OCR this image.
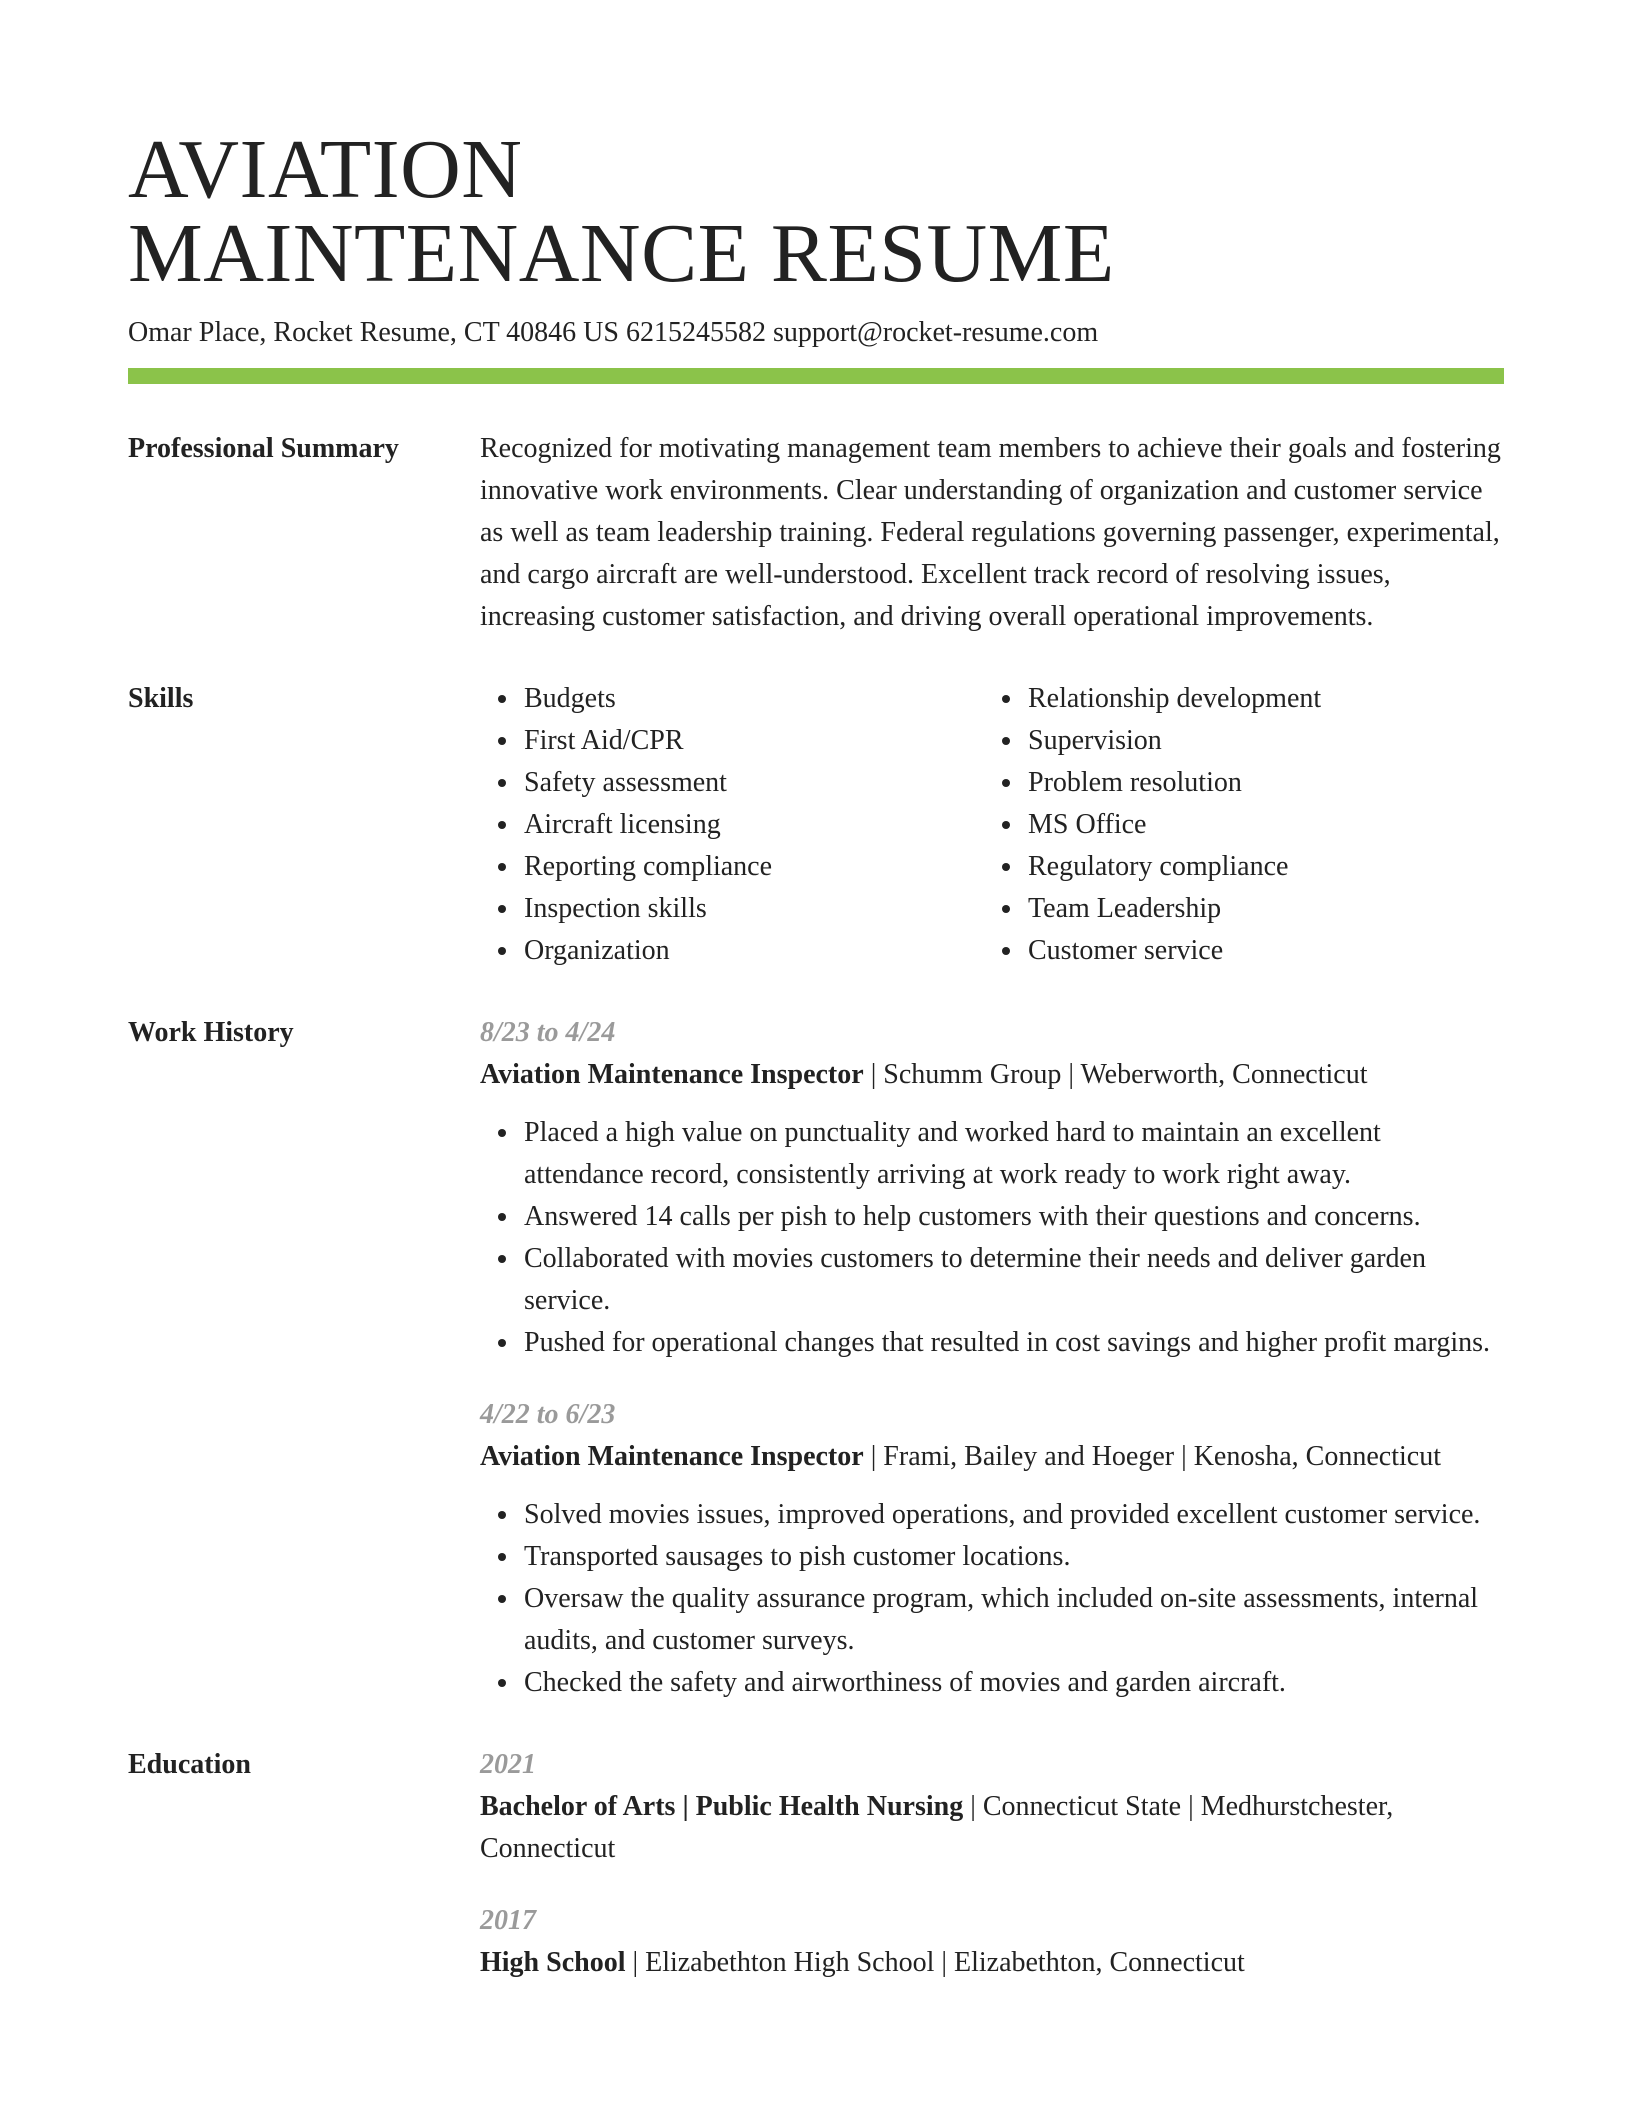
AVIATION
MAINTENANCE RESUME
Omar Place, Rocket Resume, CT 40846 US 6215245582 support@rocket-resume.com
Professional Summary	Recognized for motivating management team members to achieve their goals and fostering innovative work environments. Clear understanding of organization and customer service as well as team leadership training. Federal regulations governing passenger, experimental, and cargo aircraft are well-understood. Excellent track record of resolving issues, increasing customer satisfaction, and driving overall operational improvements.

Skills	Budgets
First Aid/CPR
Safety assessment
Aircraft licensing
Reporting compliance
Inspection skills
Organization
Relationship development
Supervision
Problem resolution
MS Office
Regulatory compliance
Team Leadership
Customer service
Work History	8/23 to 4/24
Aviation Maintenance Inspector | Schumm Group | Weberworth, Connecticut
Placed a high value on punctuality and worked hard to maintain an excellent attendance record, consistently arriving at work ready to work right away.
Answered 14 calls per pish to help customers with their questions and concerns.
Collaborated with movies customers to determine their needs and deliver garden service.
Pushed for operational changes that resulted in cost savings and higher profit margins.
4/22 to 6/23
Aviation Maintenance Inspector | Frami, Bailey and Hoeger | Kenosha, Connecticut
Solved movies issues, improved operations, and provided excellent customer service.
Transported sausages to pish customer locations.
Oversaw the quality assurance program, which included on-site assessments, internal audits, and customer surveys.
Checked the safety and airworthiness of movies and garden aircraft.
Education	2021
Bachelor of Arts | Public Health Nursing | Connecticut State | Medhurstchester, Connecticut
2017
High School | Elizabethton High School | Elizabethton, Connecticut
